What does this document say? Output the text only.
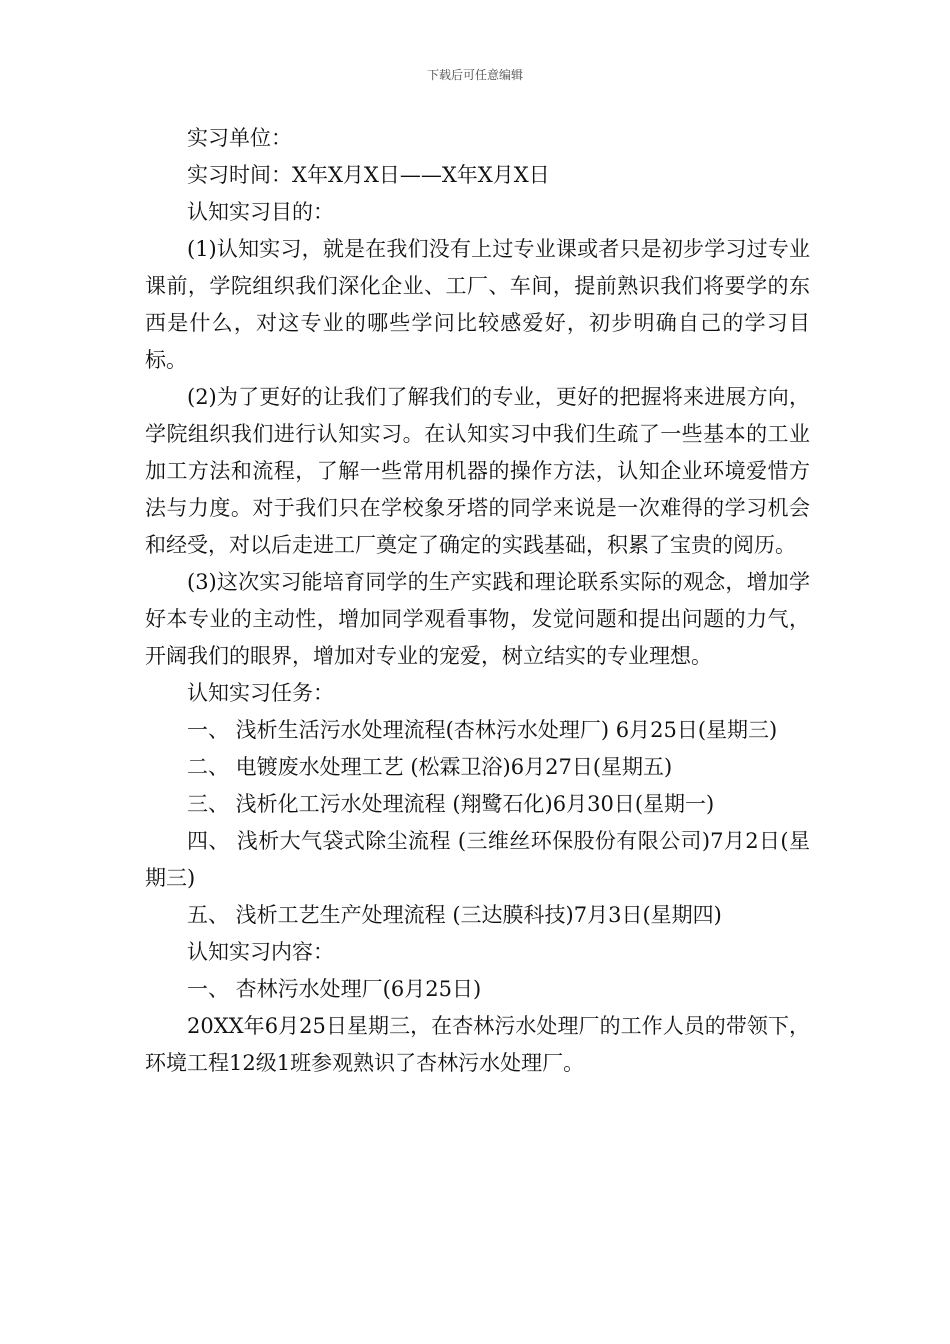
下载后可任意编辑

实习单位：

实习时间：X年X月X日——X年X月X日

认知实习目的：

(1)认知实习，就是在我们没有上过专业课或者只是初步学习过专业课前，学院组织我们深化企业、工厂、车间，提前熟识我们将要学的东西是什么，对这专业的哪些学问比较感爱好，初步明确自己的学习目标。

(2)为了更好的让我们了解我们的专业，更好的把握将来进展方向，学院组织我们进行认知实习。在认知实习中我们生疏了一些基本的工业加工方法和流程，了解一些常用机器的操作方法，认知企业环境爱惜方法与力度。对于我们只在学校象牙塔的同学来说是一次难得的学习机会和经受，对以后走进工厂奠定了确定的实践基础，积累了宝贵的阅历。

(3)这次实习能培育同学的生产实践和理论联系实际的观念，增加学好本专业的主动性，增加同学观看事物，发觉问题和提出问题的力气，开阔我们的眼界，增加对专业的宠爱，树立结实的专业理想。

认知实习任务：

一、 浅析生活污水处理流程(杏林污水处理厂) 6月25日(星期三)

二、 电镀废水处理工艺 (松霖卫浴)6月27日(星期五)

三、 浅析化工污水处理流程 (翔鹭石化)6月30日(星期一)

四、 浅析大气袋式除尘流程 (三维丝环保股份有限公司)7月2日(星期三)

五、 浅析工艺生产处理流程 (三达膜科技)7月3日(星期四)

认知实习内容：

一、 杏林污水处理厂(6月25日)

20XX年6月25日星期三，在杏林污水处理厂的工作人员的带领下，环境工程12级1班参观熟识了杏林污水处理厂。
